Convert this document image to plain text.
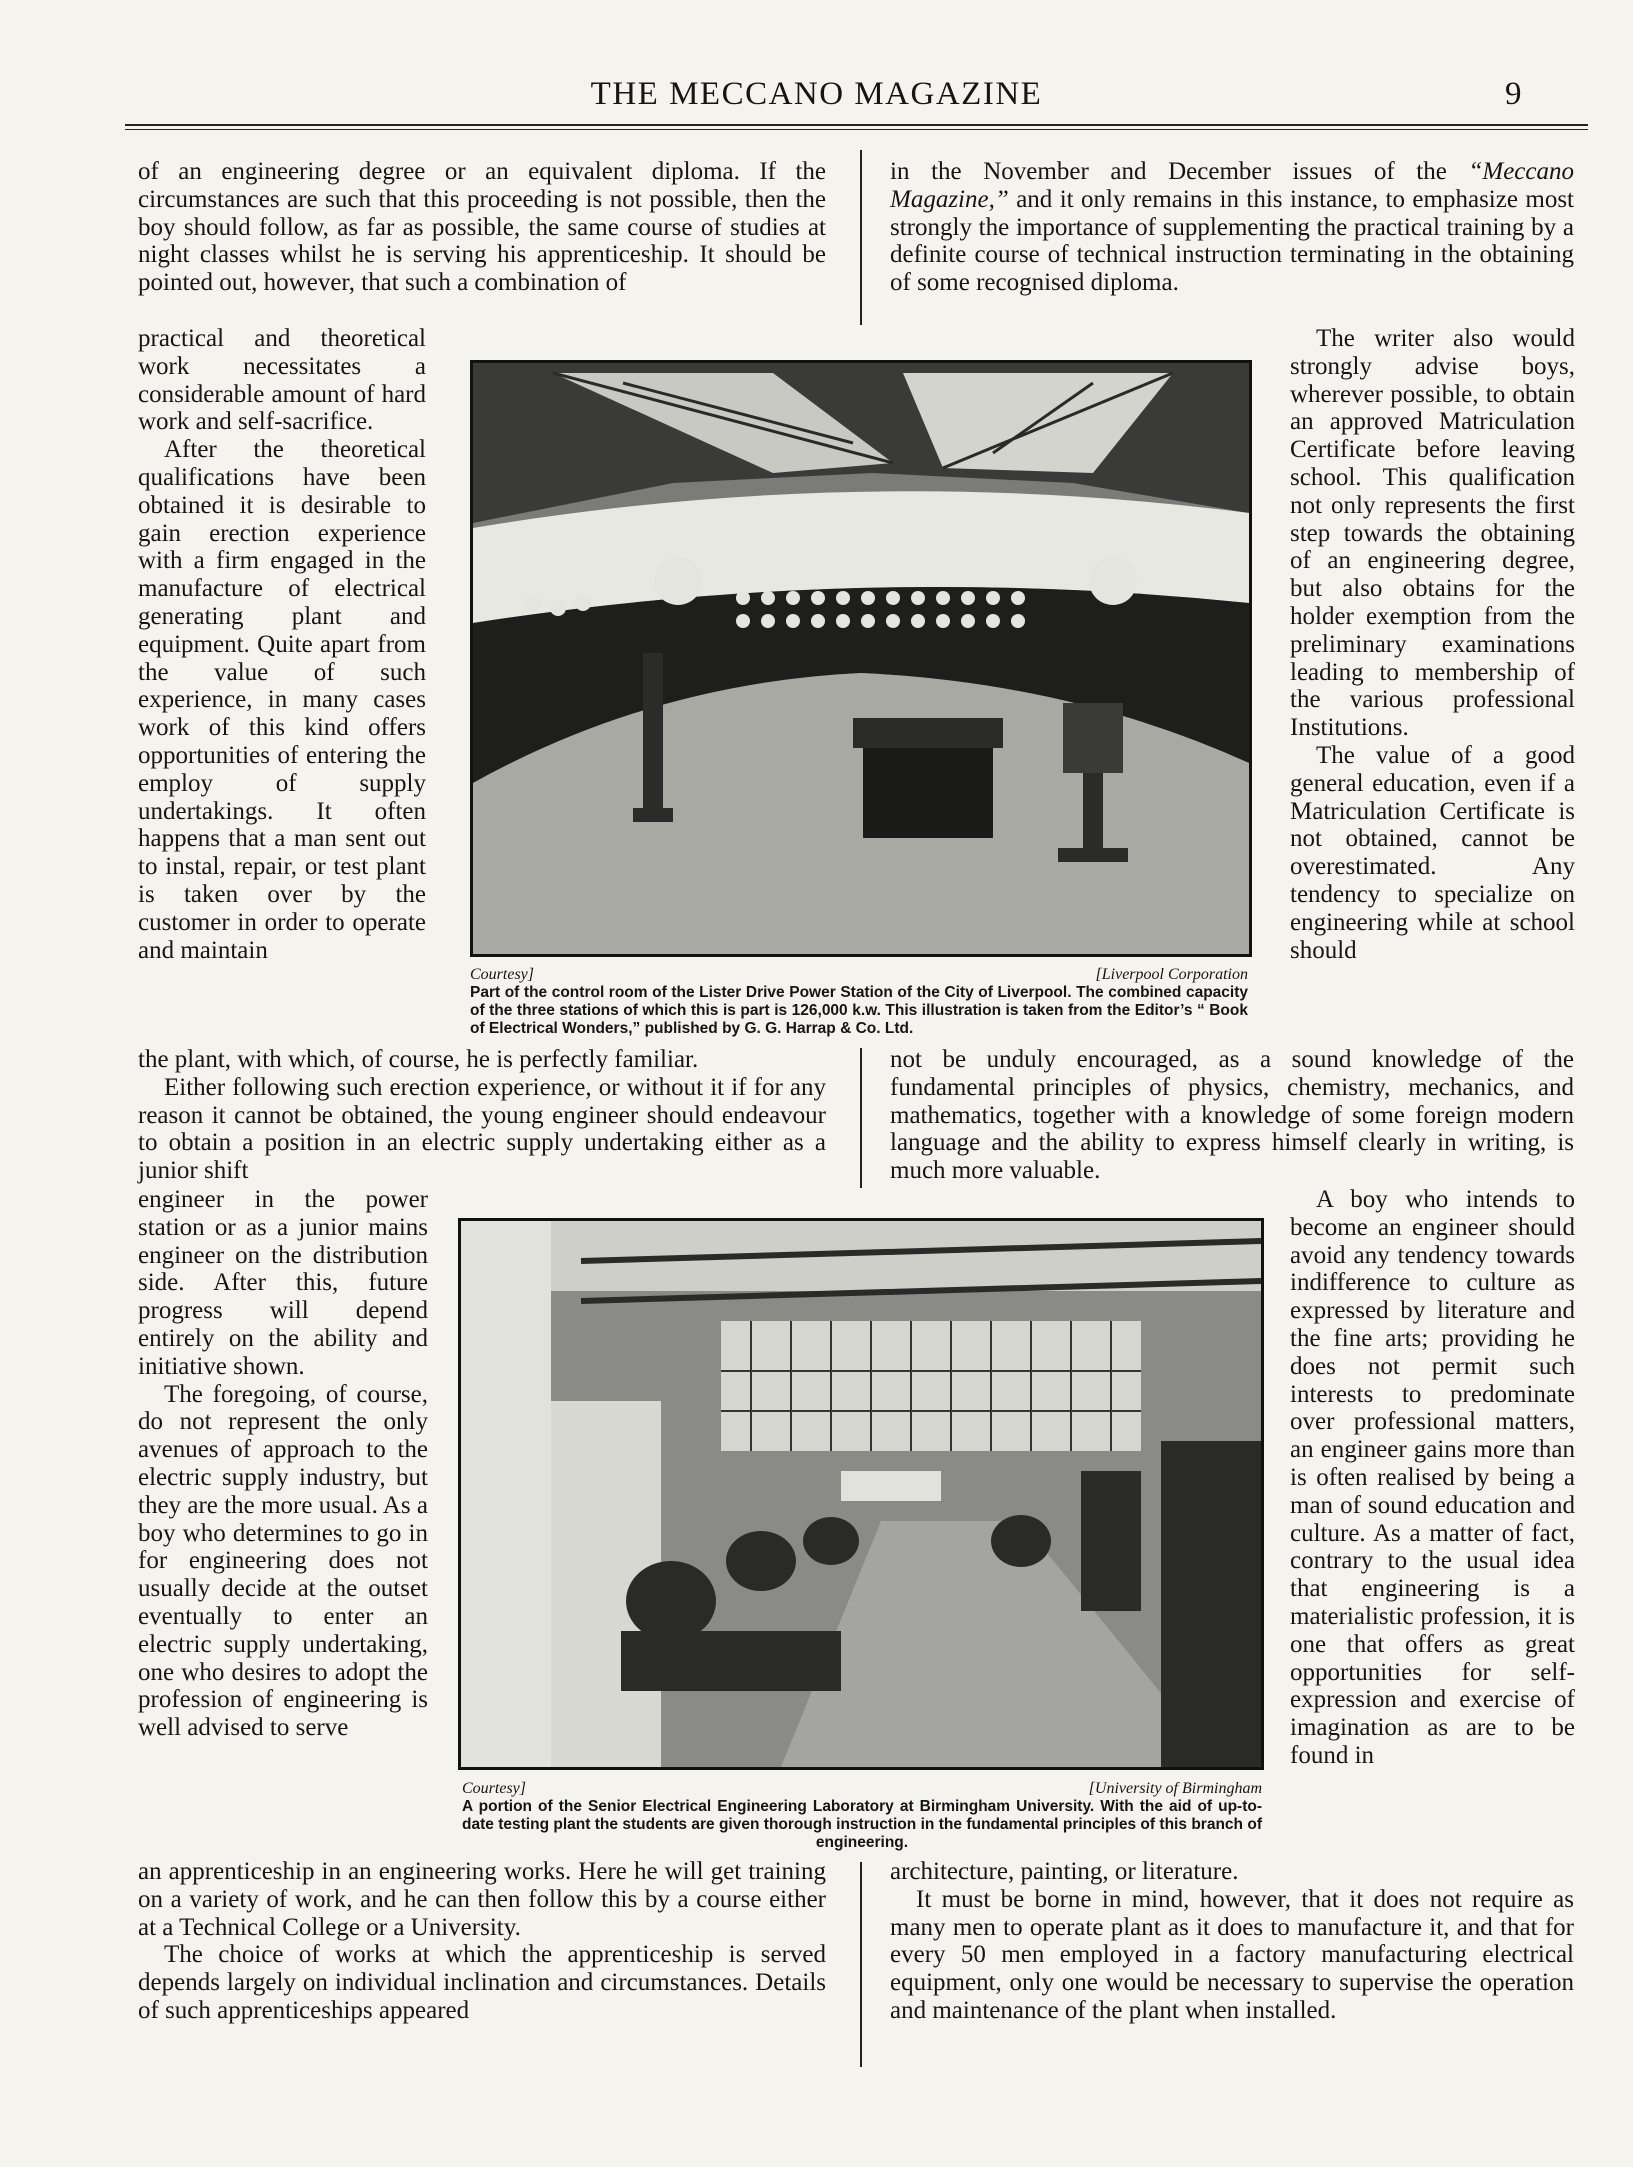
THE MECCANO MAGAZINE	9

of an engineering degree or an equivalent diploma. If the circumstances are such that this proceeding is not possible, then the boy should follow, as far as possible, the same course of studies at night classes whilst he is serving his apprenticeship. It should be pointed out, however, that such a combination of

in the November and December issues of the “Meccano Magazine,” and it only remains in this instance, to emphasize most strongly the importance of supplementing the practical training by a definite course of technical instruction terminating in the obtaining of some recognised diploma.

practical and theoretical work necessitates a considerable amount of hard work and self-sacrifice.

After the theoretical qualifications have been obtained it is desirable to gain erection experience with a firm engaged in the manufacture of electrical generating plant and equipment. Quite apart from the value of such experience, in many cases work of this kind offers opportunities of entering the employ of supply undertakings. It often happens that a man sent out to instal, repair, or test plant is taken over by the customer in order to operate and maintain

The writer also would strongly advise boys, wherever possible, to obtain an approved Matriculation Certificate before leaving school. This qualification not only represents the first step towards the obtaining of an engineering degree, but also obtains for the holder exemption from the preliminary examinations leading to membership of the various professional Institutions.

The value of a good general education, even if a Matriculation Certificate is not obtained, cannot be overestimated. Any tendency to specialize on engineering while at school should

Courtesy]	[Liverpool Corporation
Part of the control room of the Lister Drive Power Station of the City of Liverpool. The combined capacity of the three stations of which this is part is 126,000 k.w. This illustration is taken from the Editor’s “ Book of Electrical Wonders,” published by G. G. Harrap & Co. Ltd.

the plant, with which, of course, he is perfectly familiar.

Either following such erection experience, or without it if for any reason it cannot be obtained, the young engineer should endeavour to obtain a position in an electric supply undertaking either as a junior shift

not be unduly encouraged, as a sound knowledge of the fundamental principles of physics, chemistry, mechanics, and mathematics, together with a knowledge of some foreign modern language and the ability to express himself clearly in writing, is much more valuable.

engineer in the power station or as a junior mains engineer on the distribution side. After this, future progress will depend entirely on the ability and initiative shown.

The foregoing, of course, do not represent the only avenues of approach to the electric supply industry, but they are the more usual. As a boy who determines to go in for engineering does not usually decide at the outset eventually to enter an electric supply undertaking, one who desires to adopt the profession of engineering is well advised to serve

A boy who intends to become an engineer should avoid any tendency towards indifference to culture as expressed by literature and the fine arts; providing he does not permit such interests to predominate over professional matters, an engineer gains more than is often realised by being a man of sound education and culture. As a matter of fact, contrary to the usual idea that engineering is a materialistic profession, it is one that offers as great opportunities for self-expression and exercise of imagination as are to be found in

Courtesy]	[University of Birmingham
A portion of the Senior Electrical Engineering Laboratory at Birmingham University. With the aid of up-to-date testing plant the students are given thorough instruction in the fundamental principles of this branch of engineering.

an apprenticeship in an engineering works. Here he will get training on a variety of work, and he can then follow this by a course either at a Technical College or a University.

The choice of works at which the apprenticeship is served depends largely on individual inclination and circumstances. Details of such apprenticeships appeared

architecture, painting, or literature.

It must be borne in mind, however, that it does not require as many men to operate plant as it does to manufacture it, and that for every 50 men employed in a factory manufacturing electrical equipment, only one would be necessary to supervise the operation and maintenance of the plant when installed.
